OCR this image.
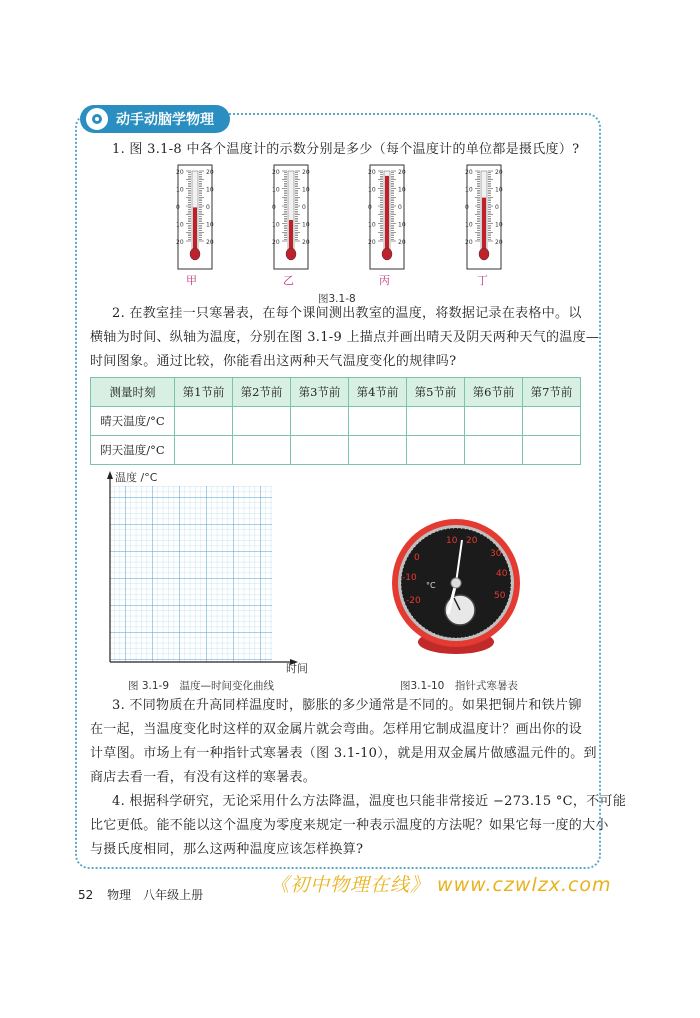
动手动脑学物理

1. 图 3.1-8 中各个温度计的示数分别是多少（每个温度计的单位都是摄氏度）?

20	20
10	10
0	0
10	10
20	20
20	20
10	10
0	0
10	10
20	20
20	20
10	10
0	0
10	10
20	20
20	20
10	10
0	0
10	10
20	20
甲	乙	丙	丁
图3.1-8

2. 在教室挂一只寒暑表，在每个课间测出教室的温度，将数据记录在表格中。以

横轴为时间、纵轴为温度，分别在图 3.1-9 上描点并画出晴天及阴天两种天气的温度—

时间图象。通过比较，你能看出这两种天气温度变化的规律吗?

测量时刻	第1节前	第2节前	第3节前	第4节前	第5节前	第6节前	第7节前
晴天温度/°C							
阴天温度/°C							
温度 /°C
时间
图 3.1-9　温度—时间变化曲线
10 20
0
-10
-20
30
40
50
°C
图3.1-10　指针式寒暑表

3. 不同物质在升高同样温度时，膨胀的多少通常是不同的。如果把铜片和铁片铆

在一起，当温度变化时这样的双金属片就会弯曲。怎样用它制成温度计？画出你的设

计草图。市场上有一种指针式寒暑表（图 3.1-10），就是用双金属片做感温元件的。到

商店去看一看，有没有这样的寒暑表。

4. 根据科学研究，无论采用什么方法降温，温度也只能非常接近 −273.15 °C，不可能

比它更低。能不能以这个温度为零度来规定一种表示温度的方法呢？如果它每一度的大小

与摄氏度相同，那么这两种温度应该怎样换算?

52 物理　八年级上册	《初中物理在线》 www.czwlzx.com
